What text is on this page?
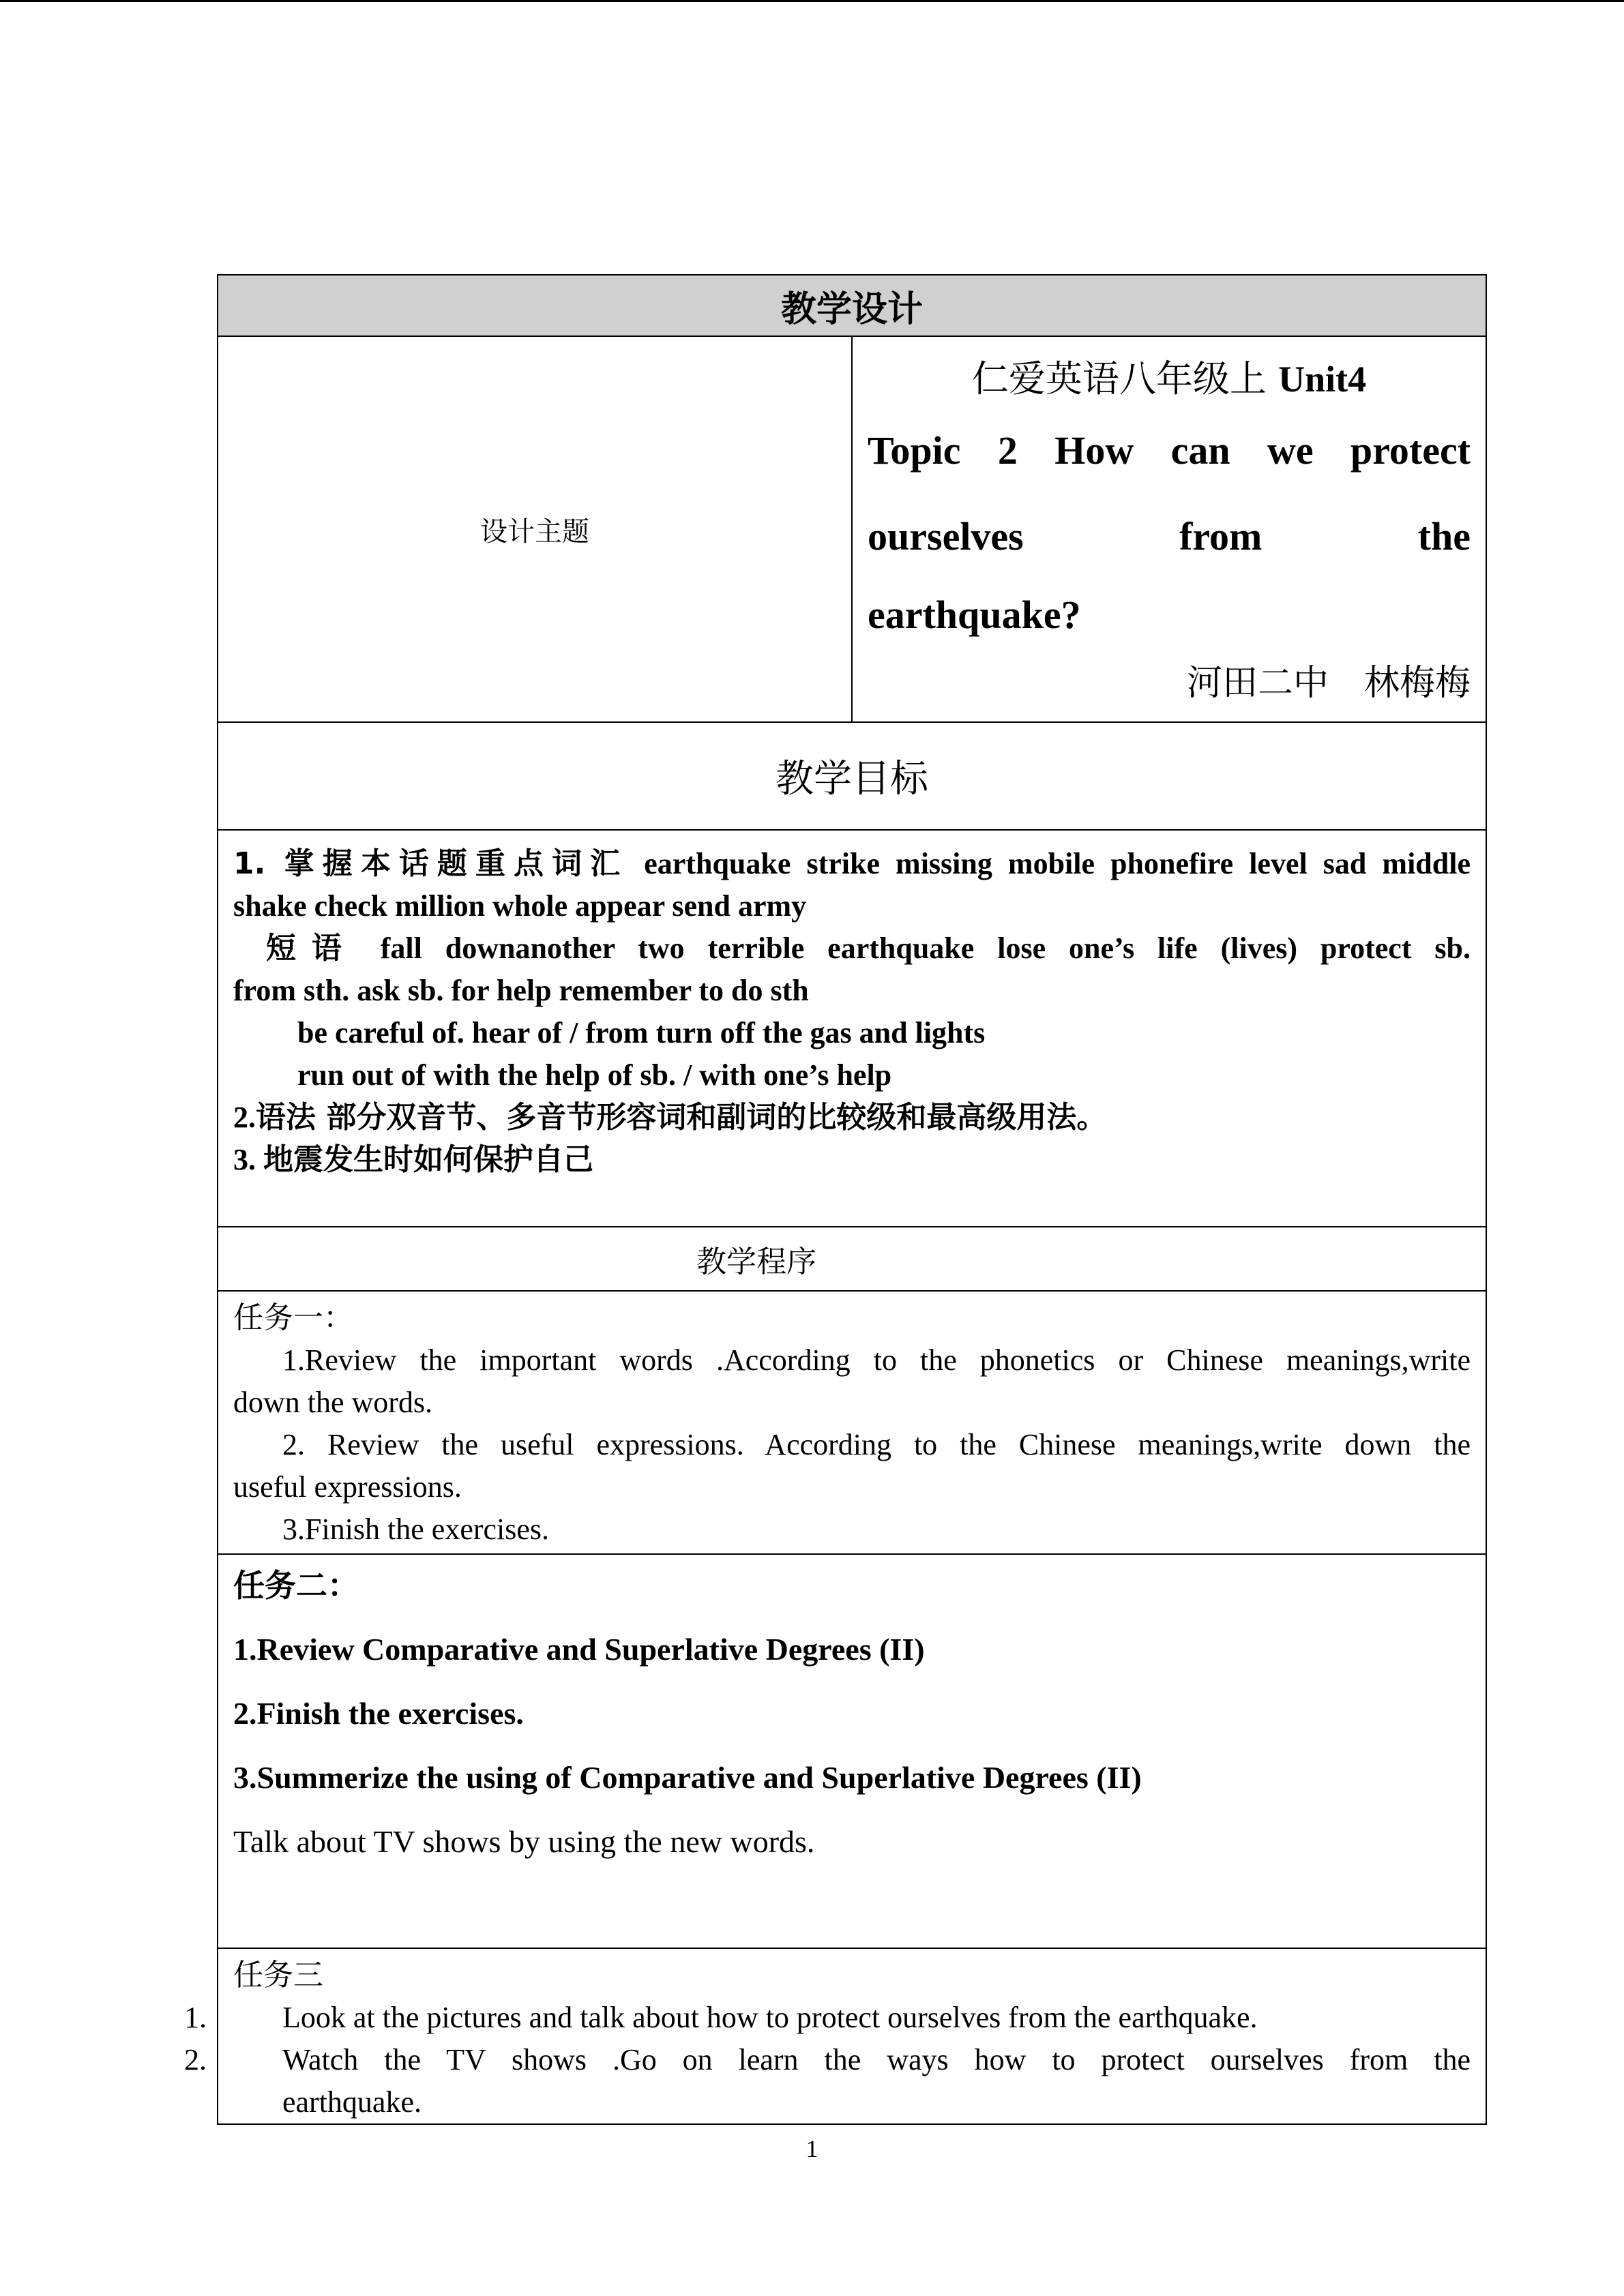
教学设计
设计主题	
仁爱英语八年级上 Unit4
Topic 2 How can we protect ourselves from the
earthquake?
河田二中　林梅梅

教学目标

1. 掌握本话题重点词汇 earthquake strike missing mobile phonefire level sad middle

shake check million whole appear send army

短语 fall downanother two terrible earthquake lose one’s life (lives) protect sb.

from sth. ask sb. for help remember to do sth

be careful of. hear of / from turn off the gas and lights

run out of with the help of sb. / with one’s help

2.语法 部分双音节、多音节形容词和副词的比较级和最高级用法。

3. 地震发生时如何保护自己

教学程序

任务一：

1.Review the important words .According to the phonetics or Chinese meanings,write

down the words.

2. Review the useful expressions. According to the Chinese meanings,write down the

useful expressions.

3.Finish the exercises.

任务二：

1.Review Comparative and Superlative Degrees (II)

2.Finish the exercises.

3.Summerize the using of Comparative and Superlative Degrees (II)

Talk about TV shows by using the new words.

任务三

1.	Look at the pictures and talk about how to protect ourselves from the earthquake.

2.	Watch the TV shows .Go on learn the ways how to protect ourselves from the

earthquake.

1
